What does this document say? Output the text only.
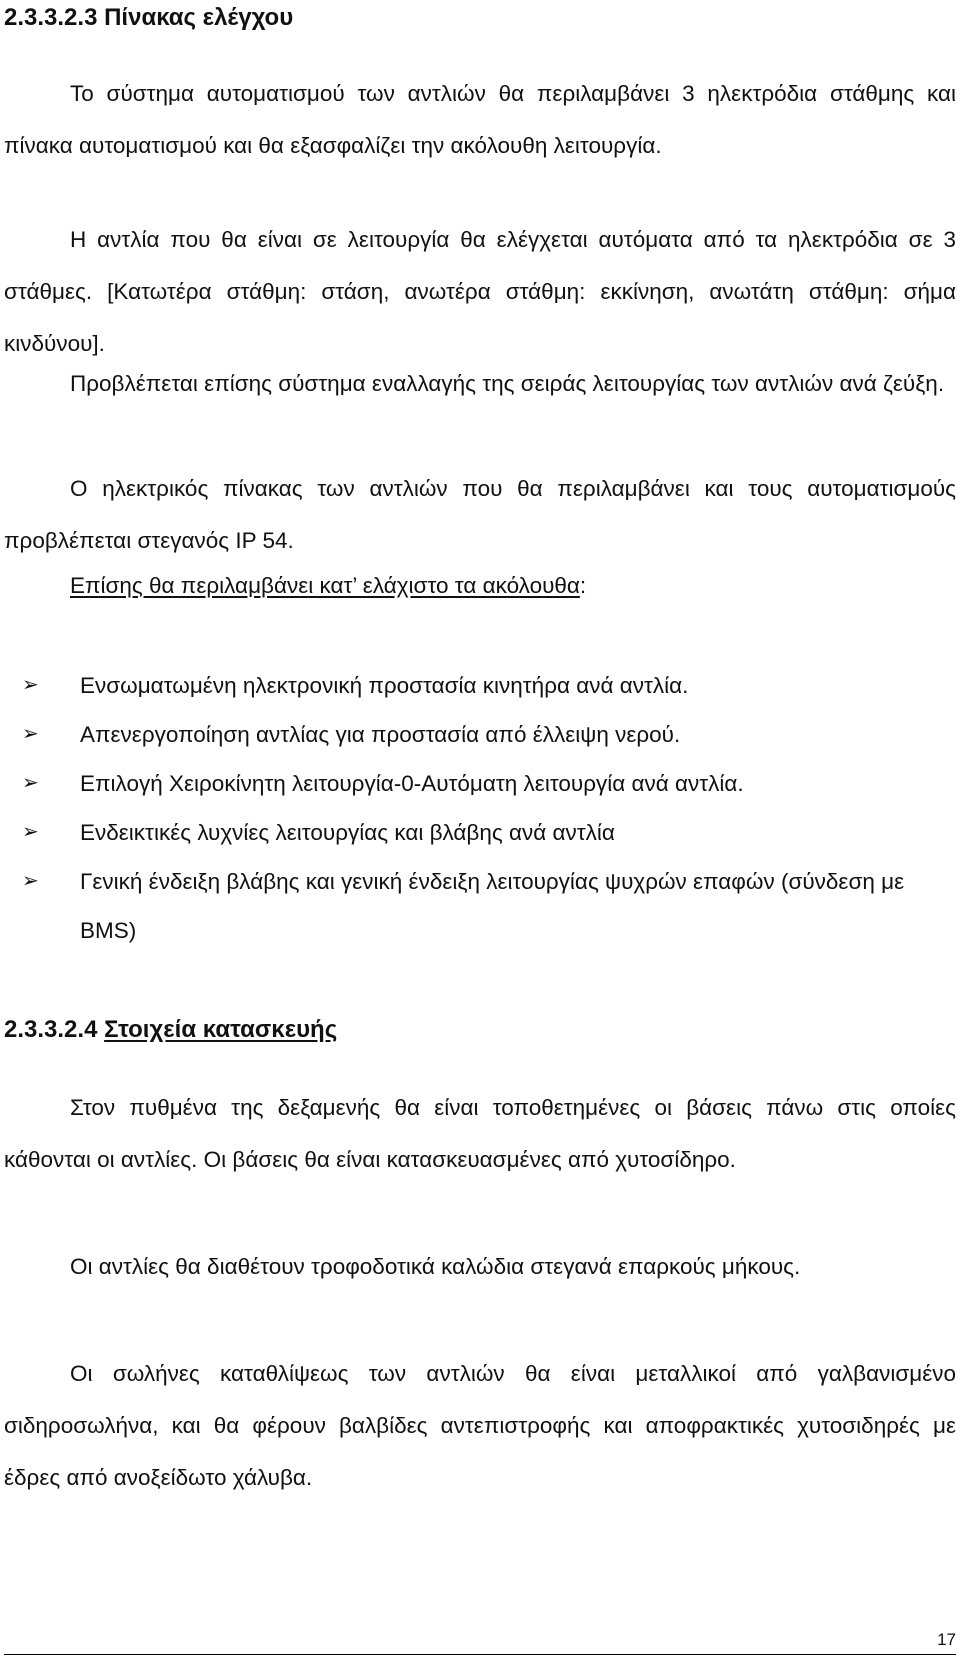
2.3.3.2.3 Πίνακας ελέγχου
Το σύστημα αυτοματισμού των αντλιών θα περιλαμβάνει 3 ηλεκτρόδια στάθμης και πίνακα αυτοματισμού και θα εξασφαλίζει την ακόλουθη λειτουργία.
Η αντλία που θα είναι σε λειτουργία θα ελέγχεται αυτόματα από τα ηλεκτρόδια σε 3 στάθμες. [Κατωτέρα στάθμη: στάση, ανωτέρα στάθμη: εκκίνηση, ανωτάτη στάθμη: σήμα κινδύνου].
Προβλέπεται επίσης σύστημα εναλλαγής της σειράς λειτουργίας των αντλιών ανά ζεύξη.
Ο ηλεκτρικός πίνακας των αντλιών που θα περιλαμβάνει και τους αυτοματισμούς προβλέπεται στεγανός IP 54.
Επίσης θα περιλαμβάνει κατ’ ελάχιστο τα ακόλουθα:
➢	Ενσωματωμένη ηλεκτρονική προστασία κινητήρα ανά αντλία.
➢	Απενεργοποίηση αντλίας για προστασία από έλλειψη νερού.
➢	Επιλογή Χειροκίνητη λειτουργία-0-Αυτόματη λειτουργία ανά αντλία.
➢	Ενδεικτικές λυχνίες λειτουργίας και βλάβης ανά αντλία
➢	Γενική ένδειξη βλάβης και γενική ένδειξη λειτουργίας ψυχρών επαφών (σύνδεση με BMS)
2.3.3.2.4 Στοιχεία κατασκευής
Στον πυθμένα της δεξαμενής θα είναι τοποθετημένες οι βάσεις πάνω στις οποίες κάθονται οι αντλίες. Οι βάσεις θα είναι κατασκευασμένες από χυτοσίδηρο.
Οι αντλίες θα διαθέτουν τροφοδοτικά καλώδια στεγανά επαρκούς μήκους.
Οι σωλήνες καταθλίψεως των αντλιών θα είναι μεταλλικοί από γαλβανισμένο σιδηροσωλήνα, και θα φέρουν βαλβίδες αντεπιστροφής και αποφρακτικές χυτοσιδηρές με έδρες από ανοξείδωτο χάλυβα.
17
